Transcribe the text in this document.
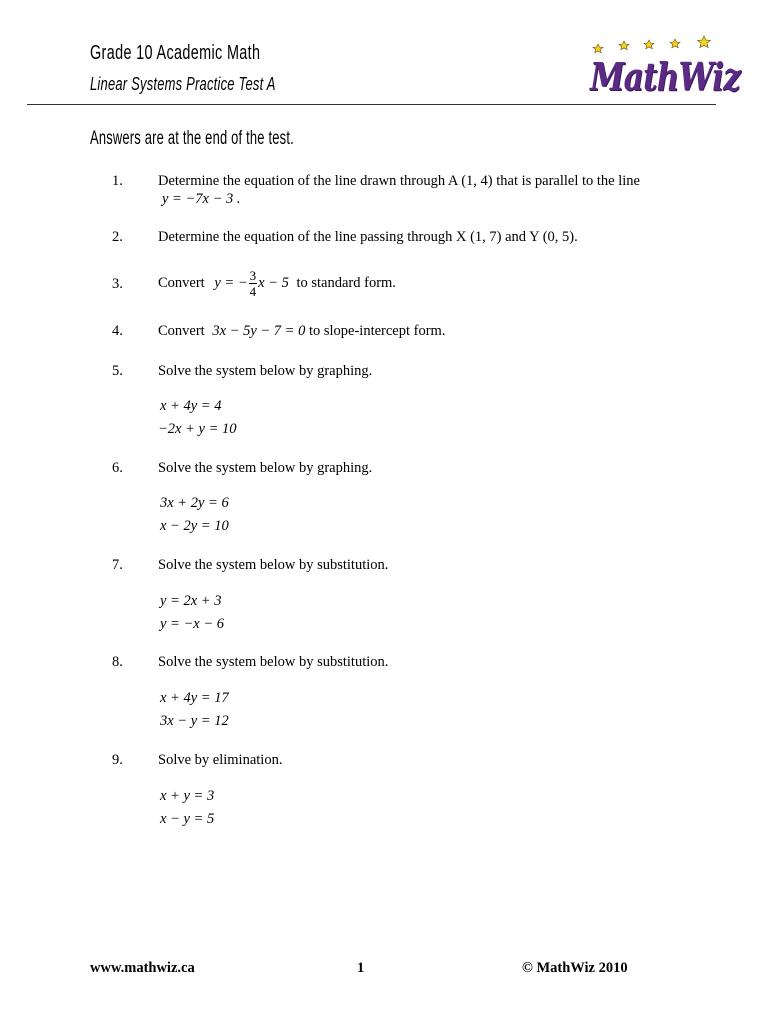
Grade 10 Academic Math
Linear Systems Practice Test A	MathWiz
Answers are at the end of the test.
1. Determine the equation of the line drawn through A (1, 4) that is parallel to the line
y = −7x − 3 .
2. Determine the equation of the line passing through X (1, 7) and Y (0, 5).
3. Convert y = − $\frac{3}{4}$ x − 5 to standard form.
4. Convert 3x − 5y − 7 = 0 to slope-intercept form.
5. Solve the system below by graphing.
x + 4y = 4
−2x + y = 10
6. Solve the system below by graphing.
3x + 2y = 6
x − 2y = 10
7. Solve the system below by substitution.
y = 2x + 3
y = −x − 6
8. Solve the system below by substitution.
x + 4y = 17
3x − y = 12
9. Solve by elimination.
x + y = 3
x − y = 5
www.mathwiz.ca	1	© MathWiz 2010
